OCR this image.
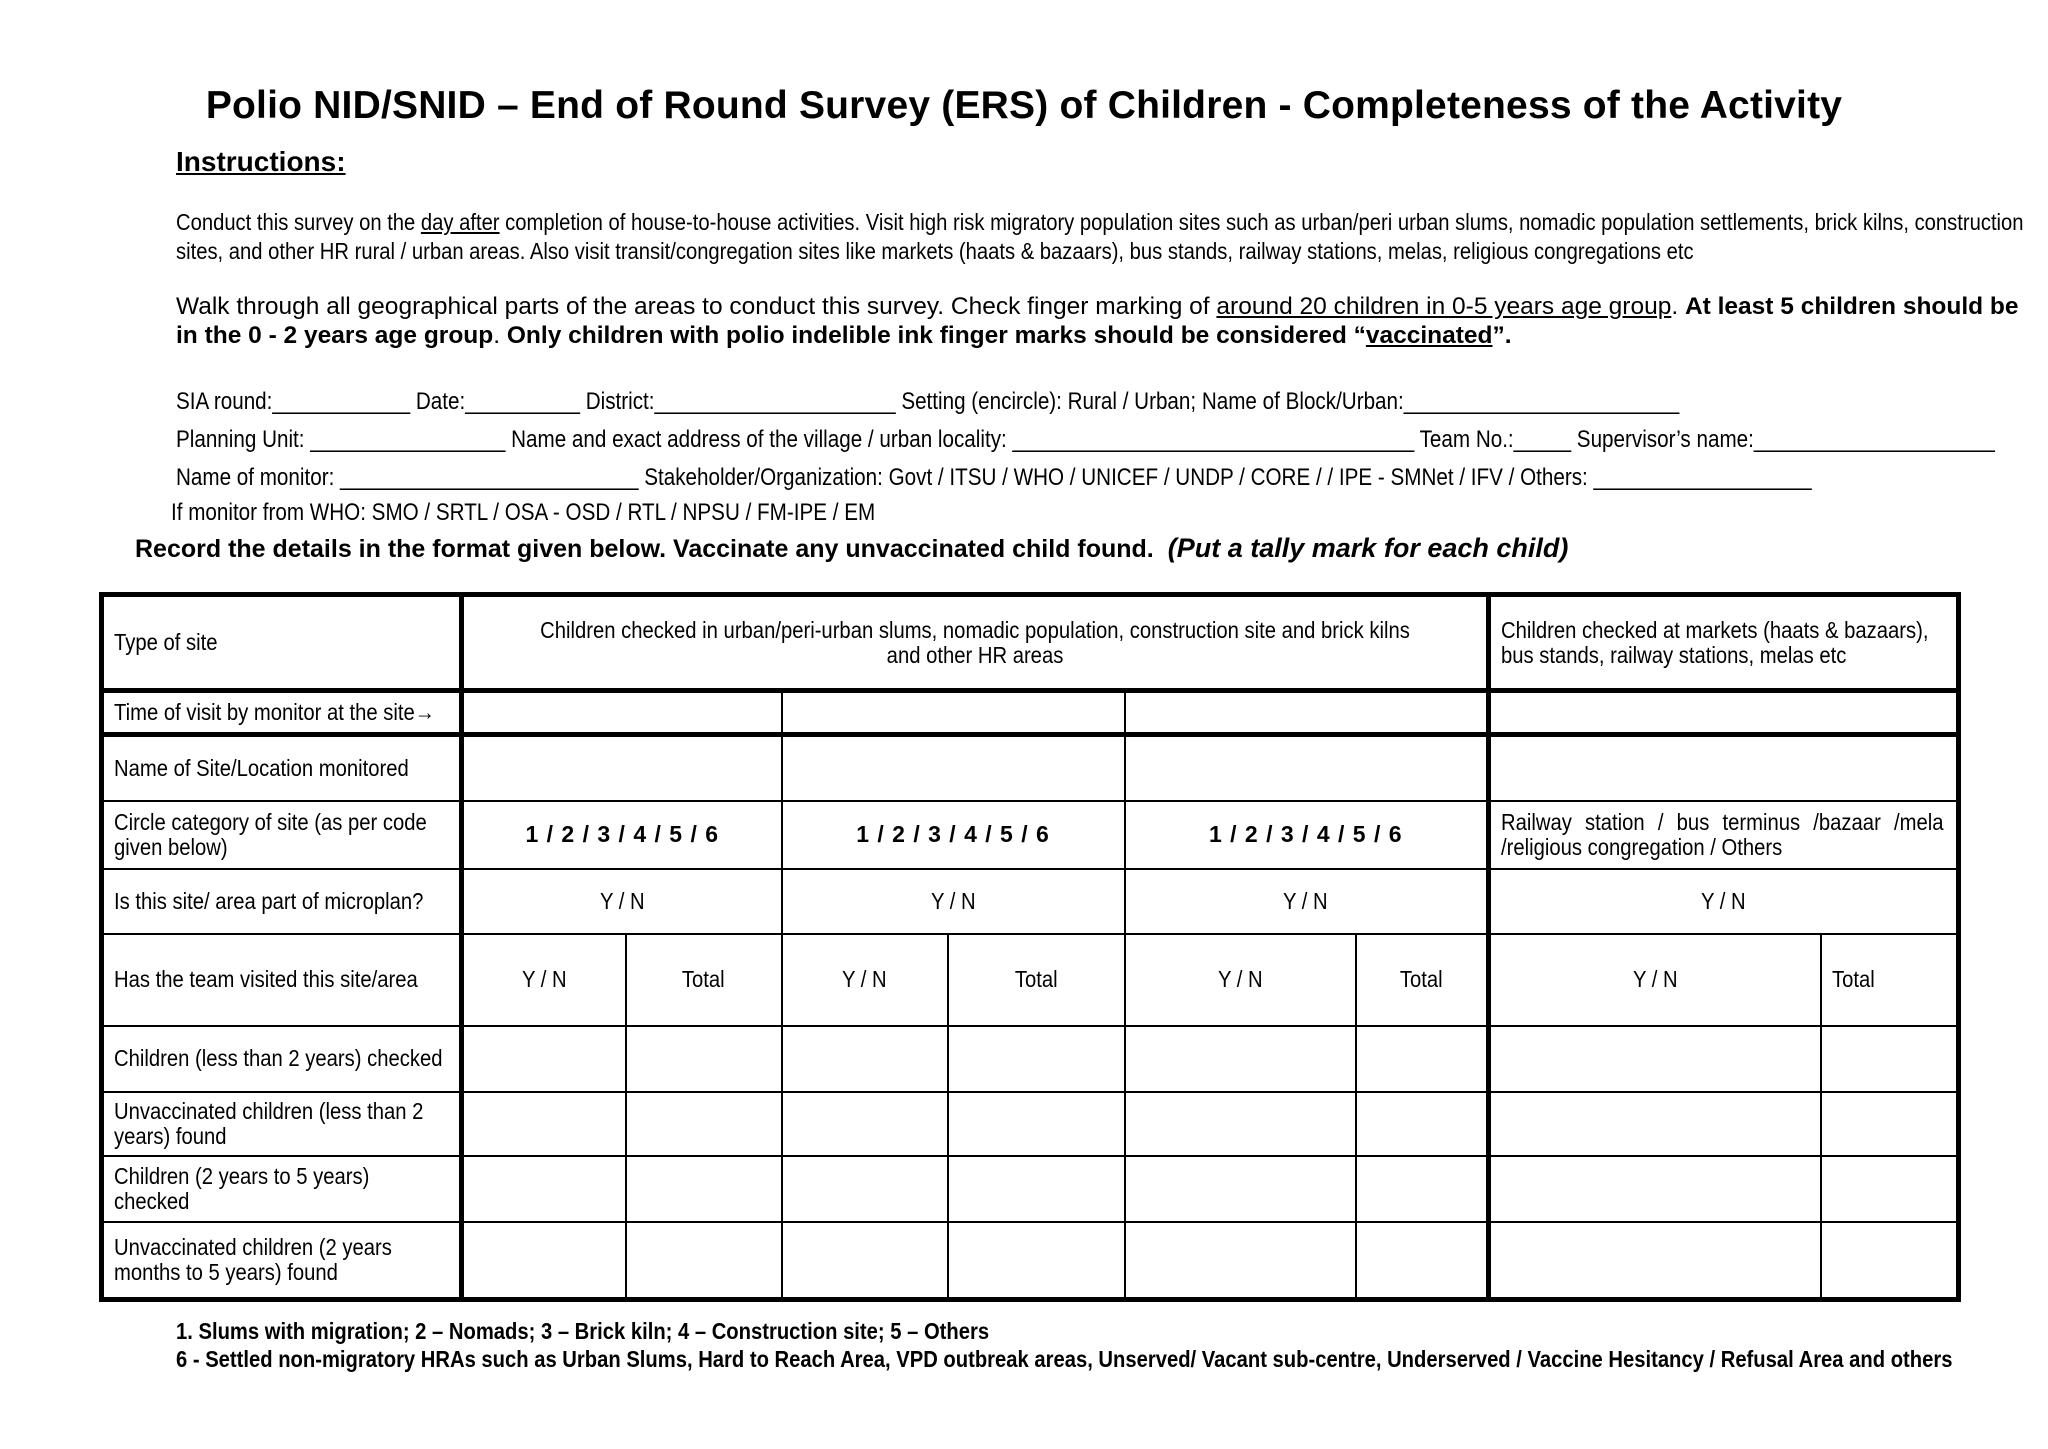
Polio NID/SNID – End of Round Survey (ERS) of Children - Completeness of the Activity
Instructions:
Conduct this survey on the day after completion of house-to-house activities. Visit high risk migratory population sites such as urban/peri urban slums, nomadic population settlements, brick kilns, construction sites, and other HR rural / urban areas. Also visit transit/congregation sites like markets (haats & bazaars), bus stands, railway stations, melas, religious congregations etc
Walk through all geographical parts of the areas to conduct this survey. Check finger marking of around 20 children in 0-5 years age group. At least 5 children should be in the 0 - 2 years age group. Only children with polio indelible ink finger marks should be considered “vaccinated”.
SIA round:____________ Date:__________ District:_____________________ Setting (encircle): Rural / Urban; Name of Block/Urban:________________________
Planning Unit: _________________ Name and exact address of the village / urban locality: ___________________________________ Team No.:_____ Supervisor’s name:_____________________
Name of monitor: __________________________ Stakeholder/Organization: Govt / ITSU / WHO / UNICEF / UNDP / CORE / / IPE - SMNet / IFV / Others: ___________________
If monitor from WHO: SMO / SRTL / OSA - OSD / RTL / NPSU / FM-IPE / EM
Record the details in the format given below. Vaccinate any unvaccinated child found. (Put a tally mark for each child)
Type of site	Children checked in urban/peri-urban slums, nomadic population, construction site and brick kilns and other HR areas						Children checked at markets (haats & bazaars), bus stands, railway stations, melas etc	
Time of visit by monitor at the site→								
Name of Site/Location monitored								
Circle category of site (as per code given below)	1 / 2 / 3 / 4 / 5 / 6		1 / 2 / 3 / 4 / 5 / 6		1 / 2 / 3 / 4 / 5 / 6		Railway station / bus terminus /bazaar /mela /religious congregation / Others	
Is this site/ area part of microplan?	Y / N		Y / N		Y / N		Y / N	
Has the team visited this site/area	Y / N	Total	Y / N	Total	Y / N	Total	Y / N	Total
Children (less than 2 years) checked								
Unvaccinated children (less than 2 years) found								
Children (2 years to 5 years) checked								
Unvaccinated children (2 years months to 5 years) found								
1. Slums with migration; 2 – Nomads; 3 – Brick kiln; 4 – Construction site; 5 – Others
6 - Settled non-migratory HRAs such as Urban Slums, Hard to Reach Area, VPD outbreak areas, Unserved/ Vacant sub-centre, Underserved / Vaccine Hesitancy / Refusal Area and others
